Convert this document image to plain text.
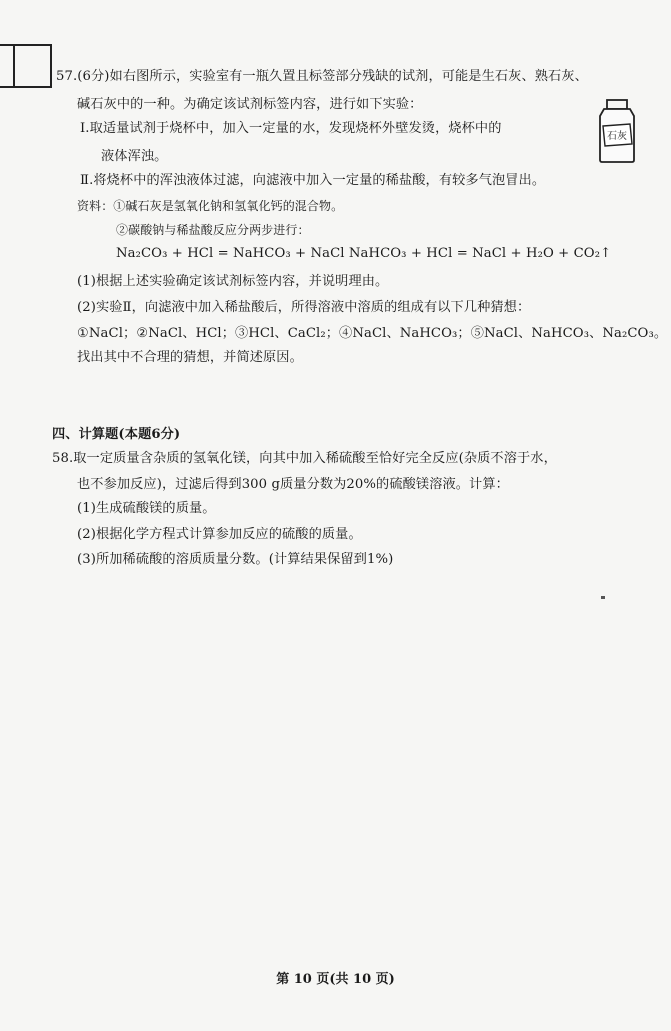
57.(6分)如右图所示，实验室有一瓶久置且标签部分残缺的试剂，可能是生石灰、熟石灰、
碱石灰中的一种。为确定该试剂标签内容，进行如下实验：
Ⅰ.取适量试剂于烧杯中，加入一定量的水，发现烧杯外壁发烫，烧杯中的
液体浑浊。
Ⅱ.将烧杯中的浑浊液体过滤，向滤液中加入一定量的稀盐酸，有较多气泡冒出。
资料：①碱石灰是氢氧化钠和氢氧化钙的混合物。
②碳酸钠与稀盐酸反应分两步进行：
Na₂CO₃ + HCl = NaHCO₃ + NaCl NaHCO₃ + HCl = NaCl + H₂O + CO₂↑
(1)根据上述实验确定该试剂标签内容，并说明理由。
(2)实验Ⅱ，向滤液中加入稀盐酸后，所得溶液中溶质的组成有以下几种猜想：
①NaCl；②NaCl、HCl；③HCl、CaCl₂；④NaCl、NaHCO₃；⑤NaCl、NaHCO₃、Na₂CO₃。
找出其中不合理的猜想，并简述原因。
石灰
四、计算题(本题6分)
58.取一定质量含杂质的氢氧化镁，向其中加入稀硫酸至恰好完全反应(杂质不溶于水，
也不参加反应)，过滤后得到300 g质量分数为20%的硫酸镁溶液。计算：
(1)生成硫酸镁的质量。
(2)根据化学方程式计算参加反应的硫酸的质量。
(3)所加稀硫酸的溶质质量分数。(计算结果保留到1%)
第 10 页(共 10 页)
